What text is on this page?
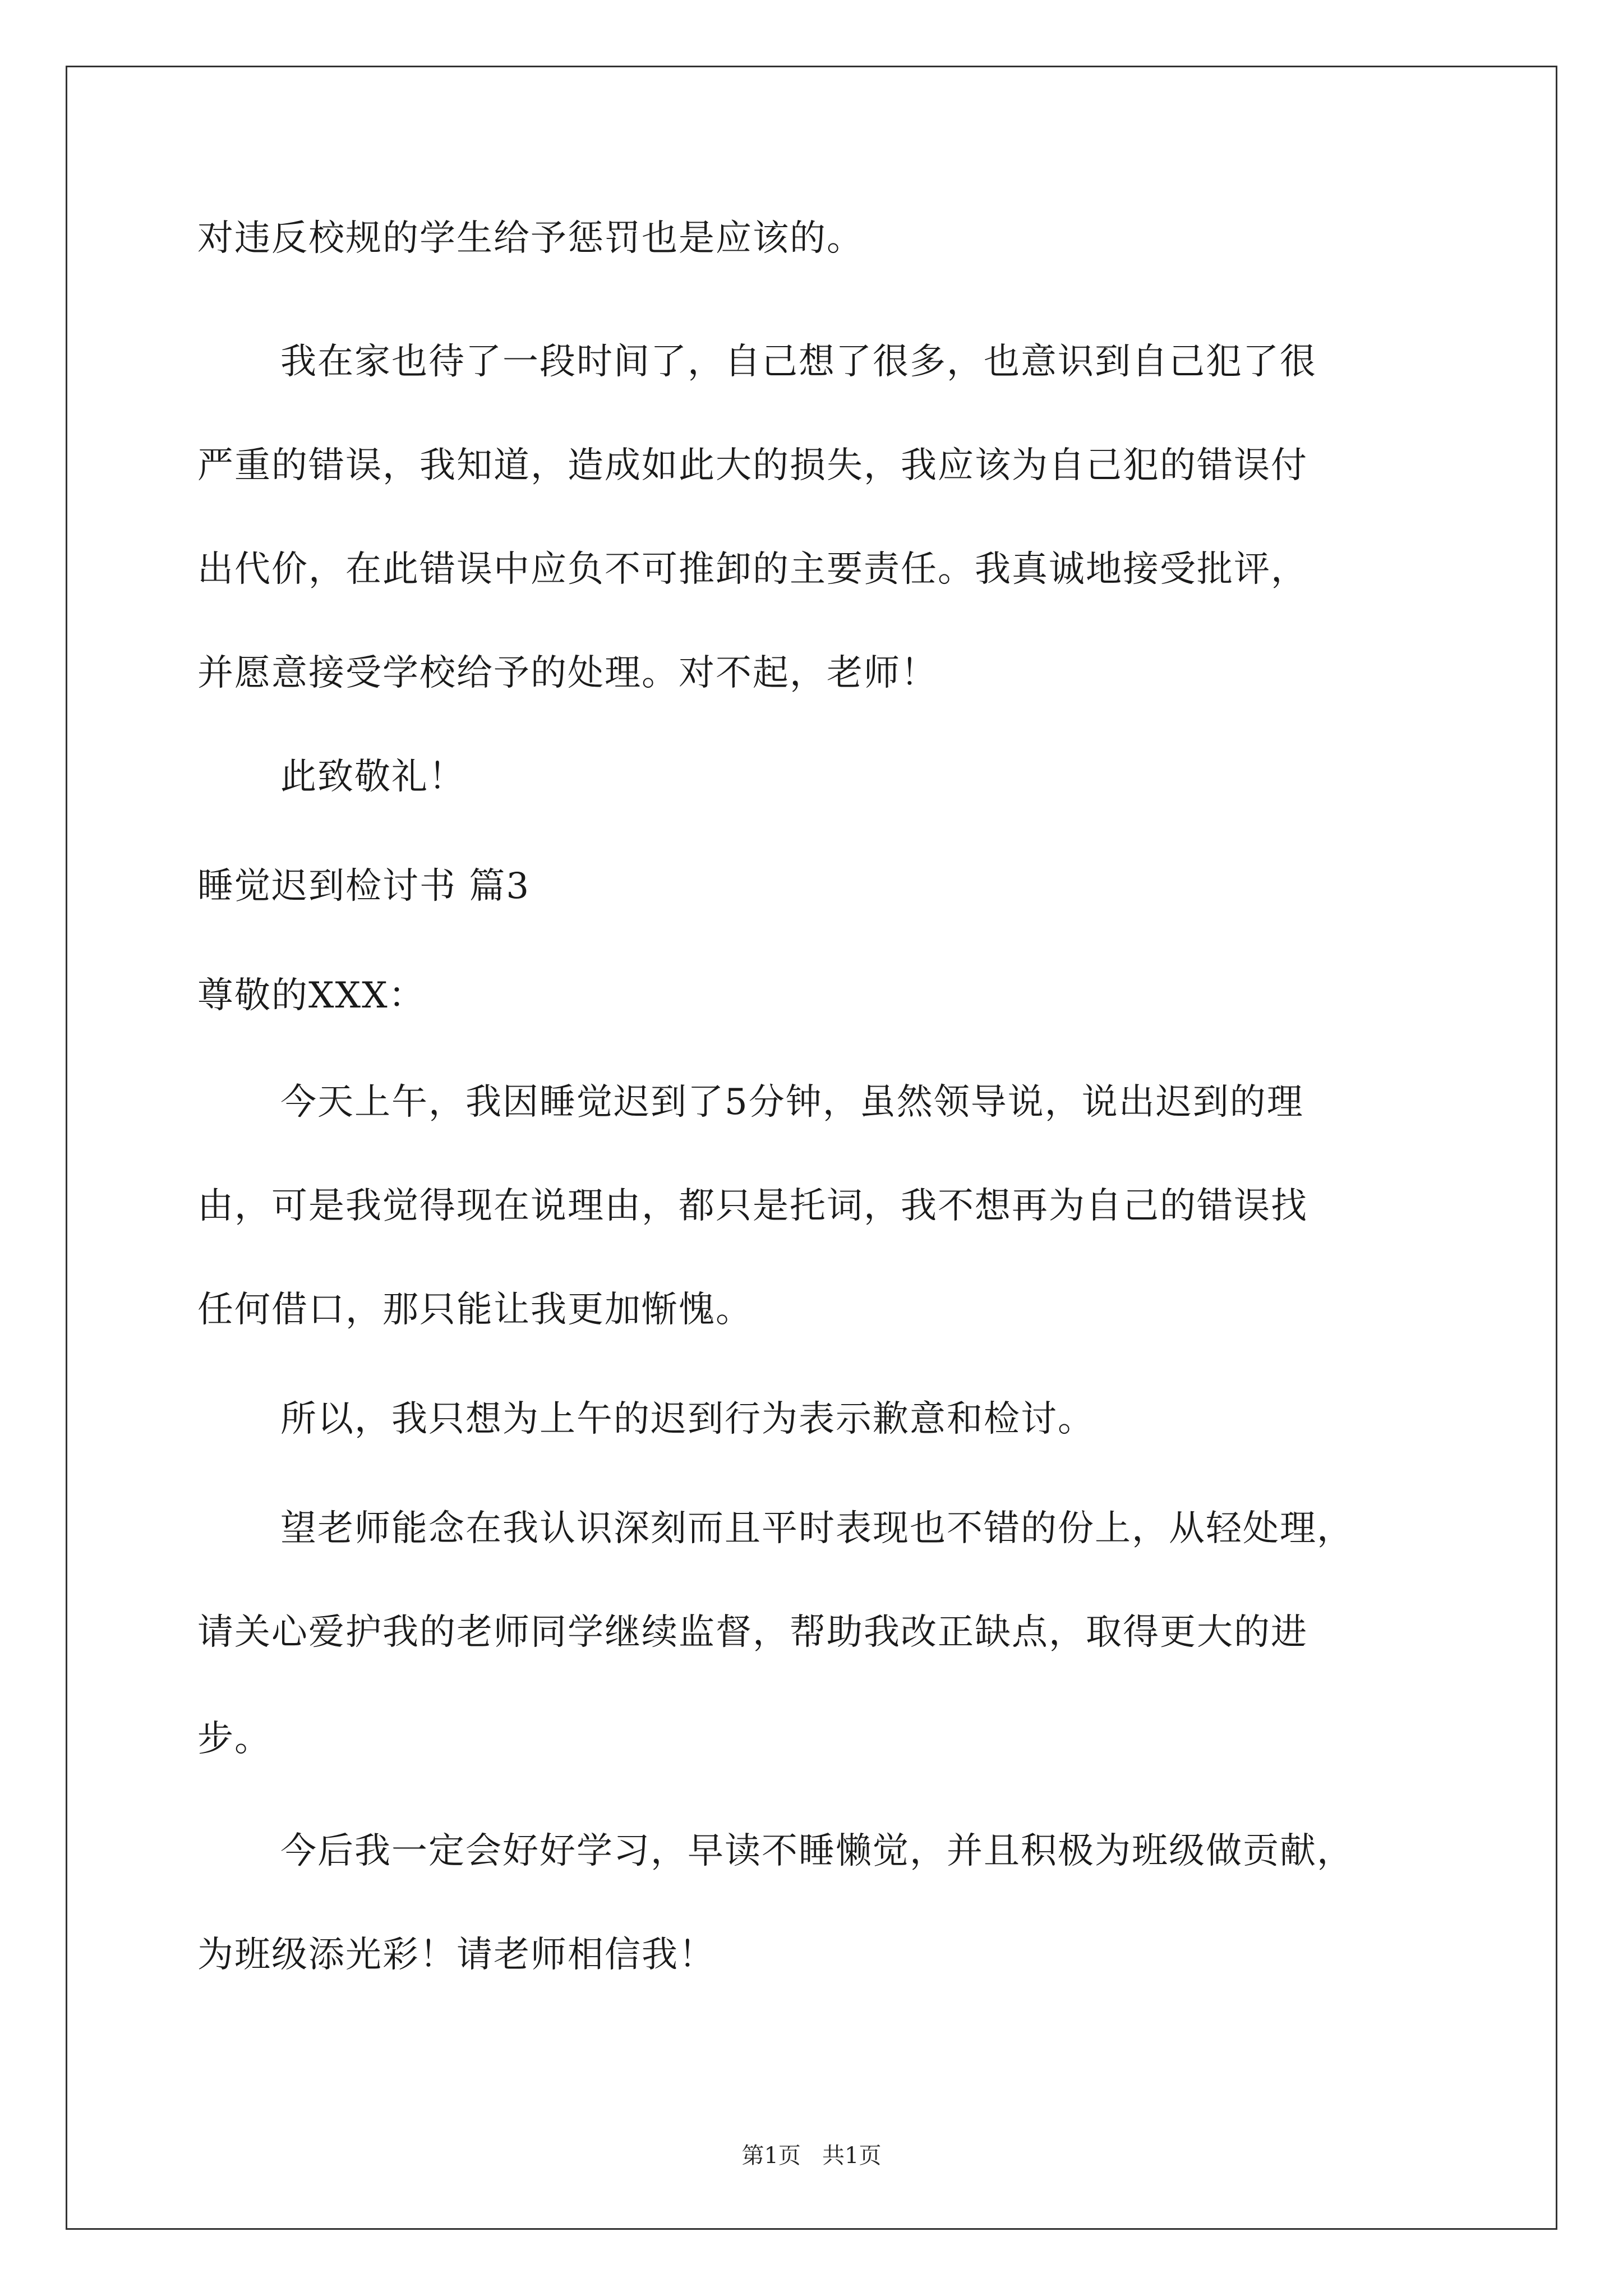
对违反校规的学生给予惩罚也是应该的。
我在家也待了一段时间了，自己想了很多，也意识到自己犯了很
严重的错误，我知道，造成如此大的损失，我应该为自己犯的错误付
出代价，在此错误中应负不可推卸的主要责任。我真诚地接受批评，
并愿意接受学校给予的处理。对不起，老师！
此致敬礼！
睡觉迟到检讨书 篇3
尊敬的XXX：
今天上午，我因睡觉迟到了5分钟，虽然领导说，说出迟到的理
由，可是我觉得现在说理由，都只是托词，我不想再为自己的错误找
任何借口，那只能让我更加惭愧。
所以，我只想为上午的迟到行为表示歉意和检讨。
望老师能念在我认识深刻而且平时表现也不错的份上，从轻处理，
请关心爱护我的老师同学继续监督，帮助我改正缺点，取得更大的进
步。
今后我一定会好好学习，早读不睡懒觉，并且积极为班级做贡献，
为班级添光彩！请老师相信我！
第1页   共1页
